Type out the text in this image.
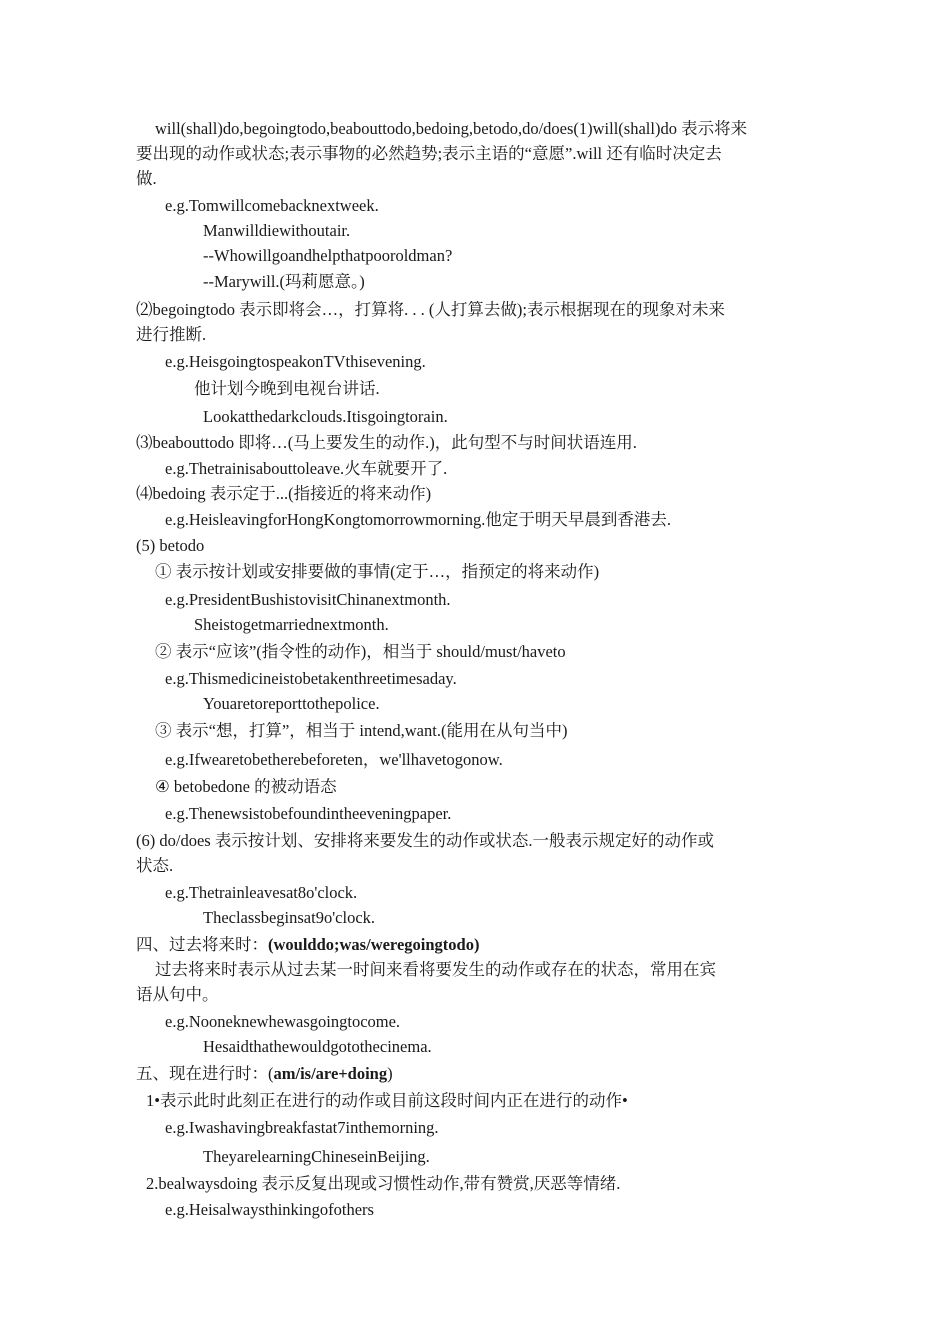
will(shall)do,begoingtodo,beabouttodo,bedoing,betodo,do/does(1)will(shall)do 表示将来
要出现的动作或状态;表示事物的必然趋势;表示主语的“意愿”.will 还有临时决定去
做.
e.g.Tomwillcomebacknextweek.
Manwilldiewithoutair.
--Whowillgoandhelpthatpooroldman?
--Marywill.(玛莉愿意。)
⑵begoingtodo 表示即将会…，打算将. . . (人打算去做);表示根据现在的现象对未来
进行推断.
e.g.HeisgoingtospeakonTVthisevening.
他计划今晚到电视台讲话.
Lookatthedarkclouds.Itisgoingtorain.
⑶beabouttodo 即将…(马上要发生的动作.)，此句型不与时间状语连用.
e.g.Thetrainisabouttoleave.火车就要开了.
⑷bedoing 表示定于...(指接近的将来动作)
e.g.HeisleavingforHongKongtomorrowmorning.他定于明天早晨到香港去.
(5) betodo
① 表示按计划或安排要做的事情(定于…，指预定的将来动作)
e.g.PresidentBushistovisitChinanextmonth.
Sheistogetmarriednextmonth.
② 表示“应该”(指令性的动作)，相当于 should/must/haveto
e.g.Thismedicineistobetakenthreetimesaday.
Youaretoreporttothepolice.
③ 表示“想，打算”，相当于 intend,want.(能用在从句当中)
e.g.Ifwearetobetherebeforeten，we'llhavetogonow.
④ betobedone 的被动语态
e.g.Thenewsistobefoundintheeveningpaper.
(6) do/does 表示按计划、安排将来要发生的动作或状态.一般表示规定好的动作或
状态.
e.g.Thetrainleavesat8o'clock.
Theclassbeginsat9o'clock.
四、过去将来时：(woulddo;was/weregoingtodo)
过去将来时表示从过去某一时间来看将要发生的动作或存在的状态，常用在宾
语从句中。
e.g.Nooneknewhewasgoingtocome.
Hesaidthathewouldgotothecinema.
五、现在进行时：(am/is/are+doing)
1•表示此时此刻正在进行的动作或目前这段时间内正在进行的动作•
e.g.Iwashavingbreakfastat7inthemorning.
TheyarelearningChineseinBeijing.
2.bealwaysdoing 表示反复出现或习惯性动作,带有赞赏,厌恶等情绪.
e.g.Heisalwaysthinkingofothers
